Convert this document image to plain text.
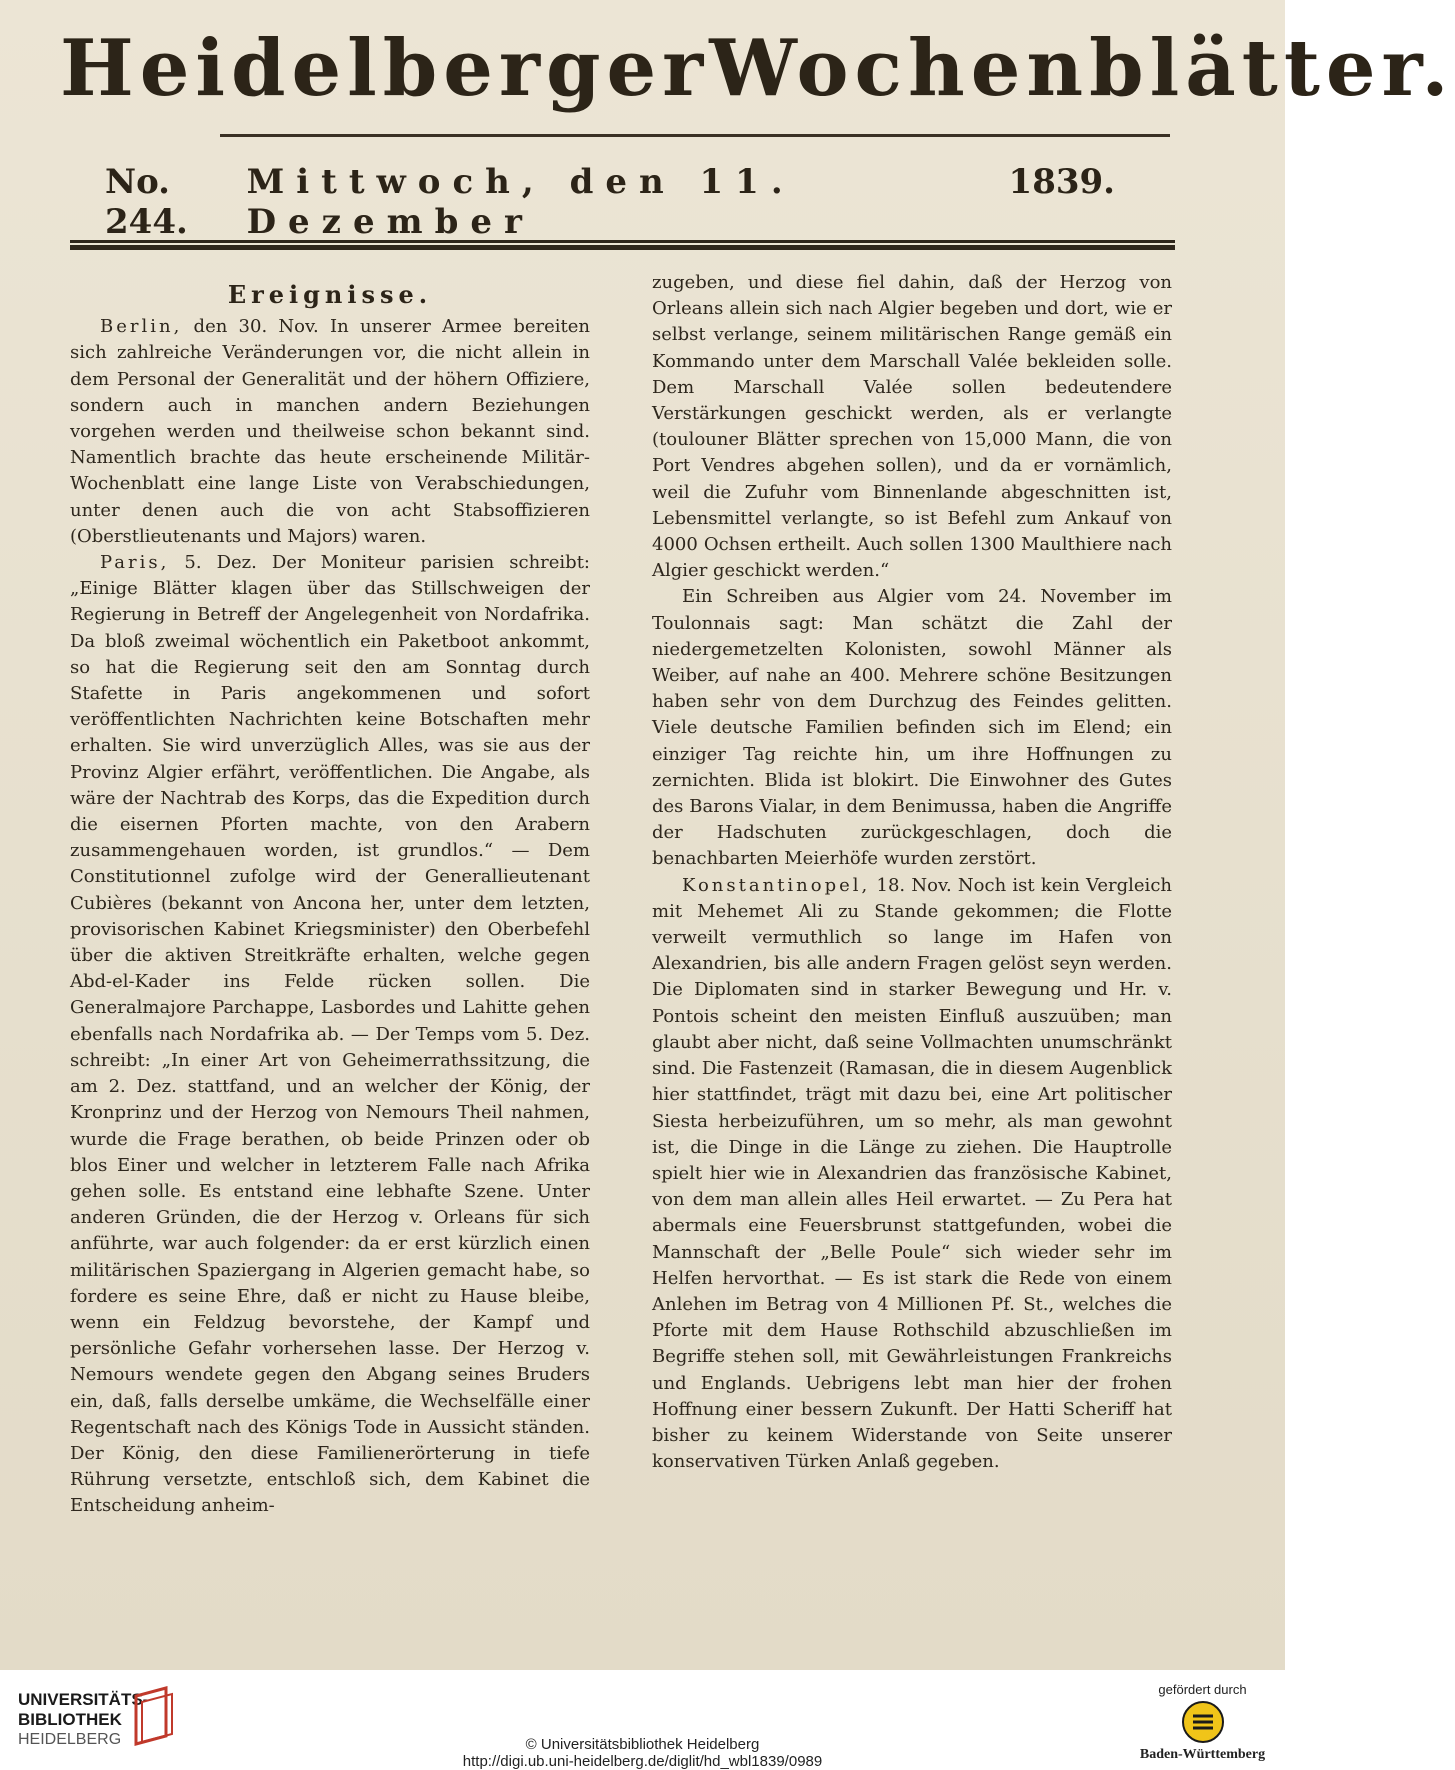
Heidelberger Wochenblätter.
No. 244.
Mittwoch, den 11. Dezember
1839.
Ereignisse.

Berlin, den 30. Nov. In unserer Armee bereiten sich zahlreiche Veränderungen vor, die nicht allein in dem Personal der Generalität und der höhern Offiziere, sondern auch in manchen andern Beziehungen vorgehen werden und theilweise schon bekannt sind. Namentlich brachte das heute erscheinende Militär-Wochenblatt eine lange Liste von Verabschiedungen, unter denen auch die von acht Stabsoffizieren (Oberstlieutenants und Majors) waren.

Paris, 5. Dez. Der Moniteur parisien schreibt: „Einige Blätter klagen über das Stillschweigen der Regierung in Betreff der Angelegenheit von Nordafrika. Da bloß zweimal wöchentlich ein Paketboot ankommt, so hat die Regierung seit den am Sonntag durch Stafette in Paris angekommenen und sofort veröffentlichten Nachrichten keine Botschaften mehr erhalten. Sie wird unverzüglich Alles, was sie aus der Provinz Algier erfährt, veröffentlichen. Die Angabe, als wäre der Nachtrab des Korps, das die Expedition durch die eisernen Pforten machte, von den Arabern zusammengehauen worden, ist grundlos.“ — Dem Constitutionnel zufolge wird der Generallieutenant Cubières (bekannt von Ancona her, unter dem letzten, provisorischen Kabinet Kriegsminister) den Oberbefehl über die aktiven Streitkräfte erhalten, welche gegen Abd-el-Kader ins Felde rücken sollen. Die Generalmajore Parchappe, Lasbordes und Lahitte gehen ebenfalls nach Nordafrika ab. — Der Temps vom 5. Dez. schreibt: „In einer Art von Geheimerrathssitzung, die am 2. Dez. stattfand, und an welcher der König, der Kronprinz und der Herzog von Nemours Theil nahmen, wurde die Frage berathen, ob beide Prinzen oder ob blos Einer und welcher in letzterem Falle nach Afrika gehen solle. Es entstand eine lebhafte Szene. Unter anderen Gründen, die der Herzog v. Orleans für sich anführte, war auch folgender: da er erst kürzlich einen militärischen Spaziergang in Algerien gemacht habe, so fordere es seine Ehre, daß er nicht zu Hause bleibe, wenn ein Feldzug bevorstehe, der Kampf und persönliche Gefahr vorhersehen lasse. Der Herzog v. Nemours wendete gegen den Abgang seines Bruders ein, daß, falls derselbe umkäme, die Wechselfälle einer Regentschaft nach des Königs Tode in Aussicht ständen. Der König, den diese Familienerörterung in tiefe Rührung versetzte, entschloß sich, dem Kabinet die Entscheidung anheim-

zugeben, und diese fiel dahin, daß der Herzog von Orleans allein sich nach Algier begeben und dort, wie er selbst verlange, seinem militärischen Range gemäß ein Kommando unter dem Marschall Valée bekleiden solle. Dem Marschall Valée sollen bedeutendere Verstärkungen geschickt werden, als er verlangte (toulouner Blätter sprechen von 15,000 Mann, die von Port Vendres abgehen sollen), und da er vornämlich, weil die Zufuhr vom Binnenlande abgeschnitten ist, Lebensmittel verlangte, so ist Befehl zum Ankauf von 4000 Ochsen ertheilt. Auch sollen 1300 Maulthiere nach Algier geschickt werden.“

Ein Schreiben aus Algier vom 24. November im Toulonnais sagt: Man schätzt die Zahl der niedergemetzelten Kolonisten, sowohl Männer als Weiber, auf nahe an 400. Mehrere schöne Besitzungen haben sehr von dem Durchzug des Feindes gelitten. Viele deutsche Familien befinden sich im Elend; ein einziger Tag reichte hin, um ihre Hoffnungen zu zernichten. Blida ist blokirt. Die Einwohner des Gutes des Barons Vialar, in dem Benimussa, haben die Angriffe der Hadschuten zurückgeschlagen, doch die benachbarten Meierhöfe wurden zerstört.

Konstantinopel, 18. Nov. Noch ist kein Vergleich mit Mehemet Ali zu Stande gekommen; die Flotte verweilt vermuthlich so lange im Hafen von Alexandrien, bis alle andern Fragen gelöst seyn werden. Die Diplomaten sind in starker Bewegung und Hr. v. Pontois scheint den meisten Einfluß auszuüben; man glaubt aber nicht, daß seine Vollmachten unumschränkt sind. Die Fastenzeit (Ramasan, die in diesem Augenblick hier stattfindet, trägt mit dazu bei, eine Art politischer Siesta herbeizuführen, um so mehr, als man gewohnt ist, die Dinge in die Länge zu ziehen. Die Hauptrolle spielt hier wie in Alexandrien das französische Kabinet, von dem man allein alles Heil erwartet. — Zu Pera hat abermals eine Feuersbrunst stattgefunden, wobei die Mannschaft der „Belle Poule“ sich wieder sehr im Helfen hervorthat. — Es ist stark die Rede von einem Anlehen im Betrag von 4 Millionen Pf. St., welches die Pforte mit dem Hause Rothschild abzuschließen im Begriffe stehen soll, mit Gewährleistungen Frankreichs und Englands. Uebrigens lebt man hier der frohen Hoffnung einer bessern Zukunft. Der Hatti Scheriff hat bisher zu keinem Widerstande von Seite unserer konservativen Türken Anlaß gegeben.

UNIVERSITÄTS-
BIBLIOTHEK
HEIDELBERG	© Universitätsbibliothek Heidelberg
http://digi.ub.uni-heidelberg.de/diglit/hd_wbl1839/0989
gefördert durch
Baden-Württemberg
